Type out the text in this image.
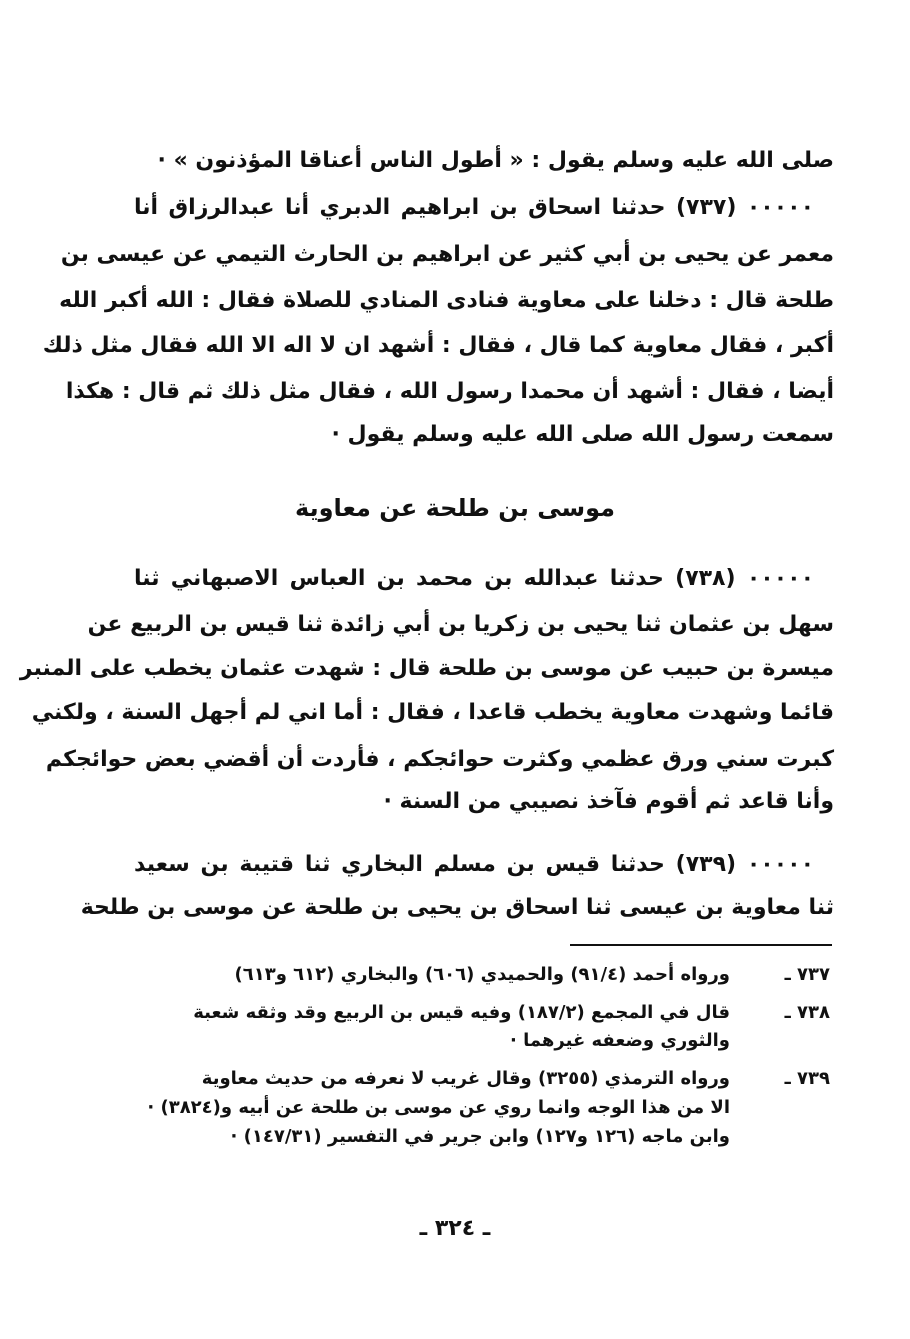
صلى الله عليه وسلم يقول : « أطول الناس أعناقا المؤذنون » ·
٠٠٠٠٠ (٧٣٧) حدثنا اسحاق بن ابراهيم الدبري أنا عبدالرزاق أنا
معمر عن يحيى بن أبي كثير عن ابراهيم بن الحارث التيمي عن عيسى بن
طلحة قال : دخلنا على معاوية فنادى المنادي للصلاة فقال : الله أكبر الله
أكبر ، فقال معاوية كما قال ، فقال : أشهد ان لا اله الا الله فقال مثل ذلك
أيضا ، فقال : أشهد أن محمدا رسول الله ، فقال مثل ذلك ثم قال : هكذا
سمعت رسول الله صلى الله عليه وسلم يقول ·
موسى بن طلحة عن معاوية
٠٠٠٠٠ (٧٣٨) حدثنا عبدالله بن محمد بن العباس الاصبهاني ثنا
سهل بن عثمان ثنا يحيى بن زكريا بن أبي زائدة ثنا قيس بن الربيع عن
ميسرة بن حبيب عن موسى بن طلحة قال : شهدت عثمان يخطب على المنبر
قائما وشهدت معاوية يخطب قاعدا ، فقال : أما اني لم أجهل السنة ، ولكني
كبرت سني ورق عظمي وكثرت حوائجكم ، فأردت أن أقضي بعض حوائجكم
وأنا قاعد ثم أقوم فآخذ نصيبي من السنة ·
٠٠٠٠٠ (٧٣٩) حدثنا قيس بن مسلم البخاري ثنا قتيبة بن سعيد
ثنا معاوية بن عيسى ثنا اسحاق بن يحيى بن طلحة عن موسى بن طلحة
٧٣٧ ـ
ورواه أحمد (٩١/٤) والحميدي (٦٠٦) والبخاري (٦١٢ و٦١٣)
٧٣٨ ـ
قال في المجمع (١٨٧/٢) وفيه قيس بن الربيع وقد وثقه شعبة
والثوري وضعفه غيرهما ·
٧٣٩ ـ
ورواه الترمذي (٣٢٥٥) وقال غريب لا نعرفه من حديث معاوية
الا من هذا الوجه وانما روي عن موسى بن طلحة عن أبيه و(٣٨٢٤) ·
وابن ماجه (١٢٦ و١٢٧) وابن جرير في التفسير (١٤٧/٣١) ·
ـ ٣٢٤ ـ
